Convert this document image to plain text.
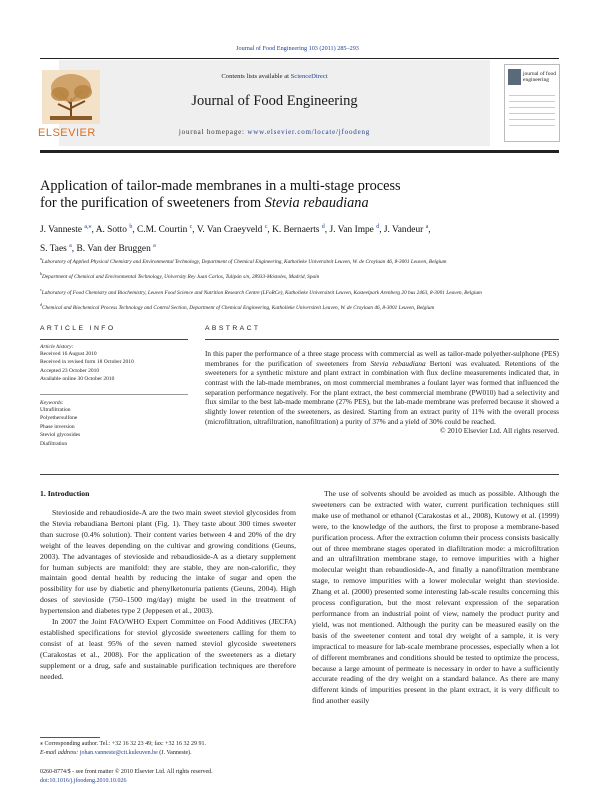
Journal of Food Engineering 103 (2011) 285–293
Contents lists available at ScienceDirect
Journal of Food Engineering
journal homepage: www.elsevier.com/locate/jfoodeng
ELSEVIER
journal of food engineering
Application of tailor-made membranes in a multi-stage process
for the purification of sweeteners from Stevia rebaudiana
J. Vanneste $^{a,⁎}$, A. Sotto $^b$, C.M. Courtin $^c$, V. Van Craeyveld $^c$, K. Bernaerts $^d$, J. Van Impe $^d$, J. Vandeur $^a$,
S. Taes $^a$, B. Van der Bruggen $^a$
$^a$Laboratory of Applied Physical Chemistry and Environmental Technology, Department of Chemical Engineering, Katholieke Universiteit Leuven, W. de Croylaan 46, 8-3001 Leuven, Belgium
$^b$Department of Chemical and Environmental Technology, University Rey Juan Carlos, Tulipán s/n, 28933-Móstoles, Madrid, Spain
$^c$Laboratory of Food Chemistry and Biochemistry, Leuven Food Science and Nutrition Research Centre (LFoRCe), Katholieke Universiteit Leuven, Kasteelpark Arenberg 20 bus 2463, 8-3001 Leuven, Belgium
$^d$Chemical and Biochemical Process Technology and Control Section, Department of Chemical Engineering, Katholieke Universiteit Leuven, W. de Croylaan 46, 8-3001 Leuven, Belgium
ARTICLE INFO
Article history:
Received 16 August 2010
Received in revised form 18 October 2010
Accepted 23 October 2010
Available online 30 October 2010
Keywords:
Ultrafiltration
Polyethersulfone
Phase inversion
Steviol glycosides
Diafiltration
ABSTRACT
In this paper the performance of a three stage process with commercial as well as tailor-made polyether-sulphone (PES) membranes for the purification of sweeteners from Stevia rebaudiana Bertoni was evaluated. Retentions of the sweeteners for a synthetic mixture and plant extract in combination with flux decline measurements indicated that, in contrast with the lab-made membranes, on most commercial membranes a foulant layer was formed that influenced the separation performance negatively. For the plant extract, the best commercial membrane (PW010) had a selectivity and flux similar to the best lab-made membrane (27% PES), but the lab-made membrane was preferred because it showed a slightly lower retention of the sweeteners, as desired. Starting from an extract purity of 11% with the overall process (microfiltration, ultrafiltration, nanofiltration) a purity of 37% and a yield of 30% could be reached.
© 2010 Elsevier Ltd. All rights reserved.
1. Introduction

Stevioside and rebaudioside-A are the two main sweet steviol glycosides from the Stevia rebaudiana Bertoni plant (Fig. 1). They taste about 300 times sweeter than sucrose (0.4% solution). Their content varies between 4 and 20% of the dry weight of the leaves depending on the cultivar and growing conditions (Geuns, 2003). The advantages of stevioside and rebaudioside-A as a dietary supplement for human subjects are manifold: they are stable, they are non-calorific, they maintain good dental health by reducing the intake of sugar and open the possibility for use by diabetic and phenylketonuria patients (Geuns, 2004). High doses of stevioside (750–1500 mg/day) might be used in the treatment of hypertension and diabetes type 2 (Jeppesen et al., 2003).

In 2007 the Joint FAO/WHO Expert Committee on Food Additives (JECFA) established specifications for steviol glycoside sweeteners calling for them to consist of at least 95% of the seven named steviol glycoside sweeteners (Carakostas et al., 2008). For the application of the sweeteners as a dietary supplement or a drug, safe and sustainable purification techniques are therefore needed.

The use of solvents should be avoided as much as possible. Although the sweeteners can be extracted with water, current purification techniques still make use of methanol or ethanol (Carakostas et al., 2008), Kutowy et al. (1999) were, to the knowledge of the authors, the first to propose a membrane-based purification process. After the extraction column their process consists basically out of three membrane stages operated in diafiltration mode: a microfiltration and an ultrafiltration membrane stage, to remove impurities with a higher molecular weight than rebaudioside-A, and finally a nanofiltration membrane stage, to remove impurities with a lower molecular weight than stevioside. Zhang et al. (2000) presented some interesting lab-scale results concerning this process configuration, but the most relevant expression of the separation performance from an industrial point of view, namely the product purity and yield, was not mentioned. Although the purity can be measured easily on the basis of the sweetener content and total dry weight of a sample, it is very impractical to measure for lab-scale membrane processes, especially when a lot of different membranes and conditions should be tested to optimize the process, because a large amount of permeate is necessary in order to have a sufficiently accurate reading of the dry weight on a standard balance. As there are many different kinds of impurities present in the plant extract, it is very difficult to find another easily

⁎ Corresponding author. Tel.: +32 16 32 23 49; fax: +32 16 32 29 91.
E-mail address: johan.vanneste@cit.kuleuven.be (J. Vanneste).
0260-8774/$ - see front matter © 2010 Elsevier Ltd. All rights reserved.
doi:10.1016/j.jfoodeng.2010.10.026
